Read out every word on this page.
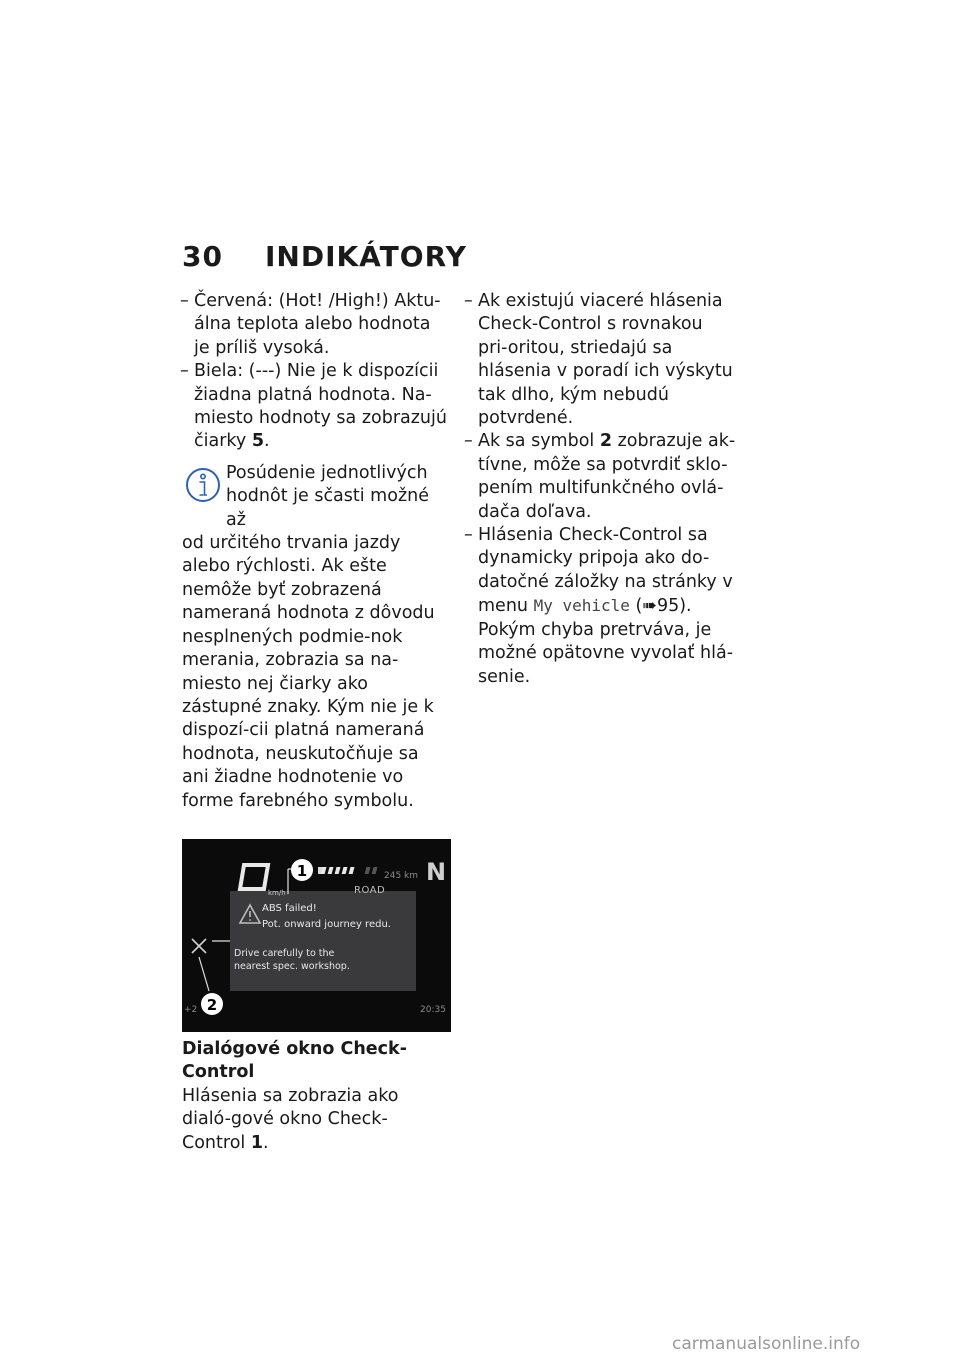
30 INDIKÁTORY
– Červená: (Hot! /High!) Aktu-álna teplota alebo hodnota je príliš vysoká.
– Biela: (---) Nie je k dispozícii žiadna platná hodnota. Na-miesto hodnoty sa zobrazujú čiarky 5.
Posúdenie jednotlivých hodnôt je sčasti možné až
od určitého trvania jazdy alebo rýchlosti. Ak ešte nemôže byť zobrazená nameraná hodnota z dôvodu nesplnených podmie-nok merania, zobrazia sa na-miesto nej čiarky ako zástupné znaky. Kým nie je k dispozí-cii platná nameraná hodnota, neuskutočňuje sa ani žiadne hodnotenie vo forme farebného symbolu.
1
2
km/h
245 km
ROAD
N
ABS failed!
Pot. onward journey redu.
Drive carefully to the
nearest spec. workshop.
+2	20:35
Dialógové okno Check-Control
Hlásenia sa zobrazia ako dialó-gové okno Check-Control 1.
– Ak existujú viaceré hlásenia Check-Control s rovnakou pri-oritou, striedajú sa hlásenia v poradí ich výskytu tak dlho, kým nebudú potvrdené.
– Ak sa symbol 2 zobrazuje ak-tívne, môže sa potvrdiť sklo-pením multifunkčného ovlá-dača doľava.
– Hlásenia Check-Control sa dynamicky pripoja ako do-datočné záložky na stránky v menu My vehicle (➠95). Pokým chyba pretrváva, je možné opätovne vyvolať hlá-senie.
carmanualsonline.info
